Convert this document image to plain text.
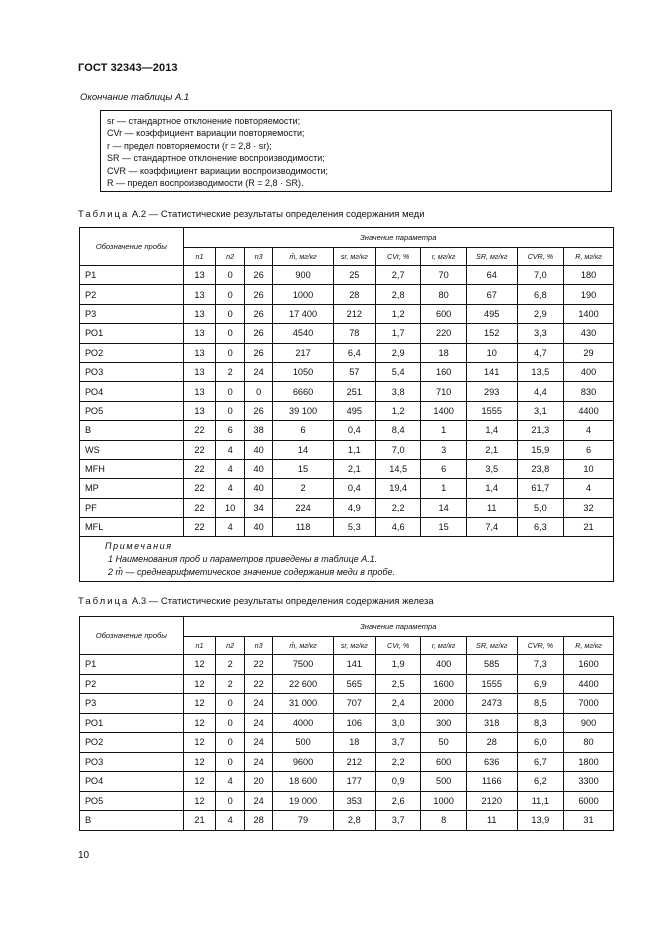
ГОСТ 32343—2013
Окончание таблицы А.1
sr — стандартное отклонение повторяемости;
CVr — коэффициент вариации повторяемости;
r — предел повторяемости (r = 2,8 · sr);
SR — стандартное отклонение воспроизводимости;
CVR — коэффициент вариации воспроизводимости;
R — предел воспроизводимости (R = 2,8 · SR).
Таблица А.2 — Статистические результаты определения содержания меди
Обозначение пробы	Значение параметра									
	n1	n2	n3	m̄, мг/кг	sr, мг/кг	CVr, %	r, мг/кг	SR, мг/кг	CVR, %	R, мг/кг
Р1	13	0	26	900	25	2,7	70	64	7,0	180
Р2	13	0	26	1000	28	2,8	80	67	6,8	190
Р3	13	0	26	17 400	212	1,2	600	495	2,9	1400
РО1	13	0	26	4540	78	1,7	220	152	3,3	430
РО2	13	0	26	217	6,4	2,9	18	10	4,7	29
РО3	13	2	24	1050	57	5,4	160	141	13,5	400
РО4	13	0	0	6660	251	3,8	710	293	4,4	830
РО5	13	0	26	39 100	495	1,2	1400	1555	3,1	4400
В	22	6	38	6	0,4	8,4	1	1,4	21,3	4
WS	22	4	40	14	1,1	7,0	3	2,1	15,9	6
MFH	22	4	40	15	2,1	14,5	6	3,5	23,8	10
МР	22	4	40	2	0,4	19,4	1	1,4	61,7	4
PF	22	10	34	224	4,9	2,2	14	11	5,0	32
MFL	22	4	40	118	5,3	4,6	15	7,4	6,3	21

Примечания
1 Наименования проб и параметров приведены в таблице А.1.
2 m̄ — среднеарифметическое значение содержания меди в пробе.										
Таблица А.3 — Статистические результаты определения содержания железа
Обозначение пробы	Значение параметра									
	n1	n2	n3	m̄, мг/кг	sr, мг/кг	CVr, %	r, мг/кг	SR, мг/кг	CVR, %	R, мг/кг
Р1	12	2	22	7500	141	1,9	400	585	7,3	1600
Р2	12	2	22	22 600	565	2,5	1600	1555	6,9	4400
Р3	12	0	24	31 000	707	2,4	2000	2473	8,5	7000
РО1	12	0	24	4000	106	3,0	300	318	8,3	900
РО2	12	0	24	500	18	3,7	50	28	6,0	80
РО3	12	0	24	9600	212	2,2	600	636	6,7	1800
РО4	12	4	20	18 600	177	0,9	500	1166	6,2	3300
РО5	12	0	24	19 000	353	2,6	1000	2120	11,1	6000
В	21	4	28	79	2,8	3,7	8	11	13,9	31
10
